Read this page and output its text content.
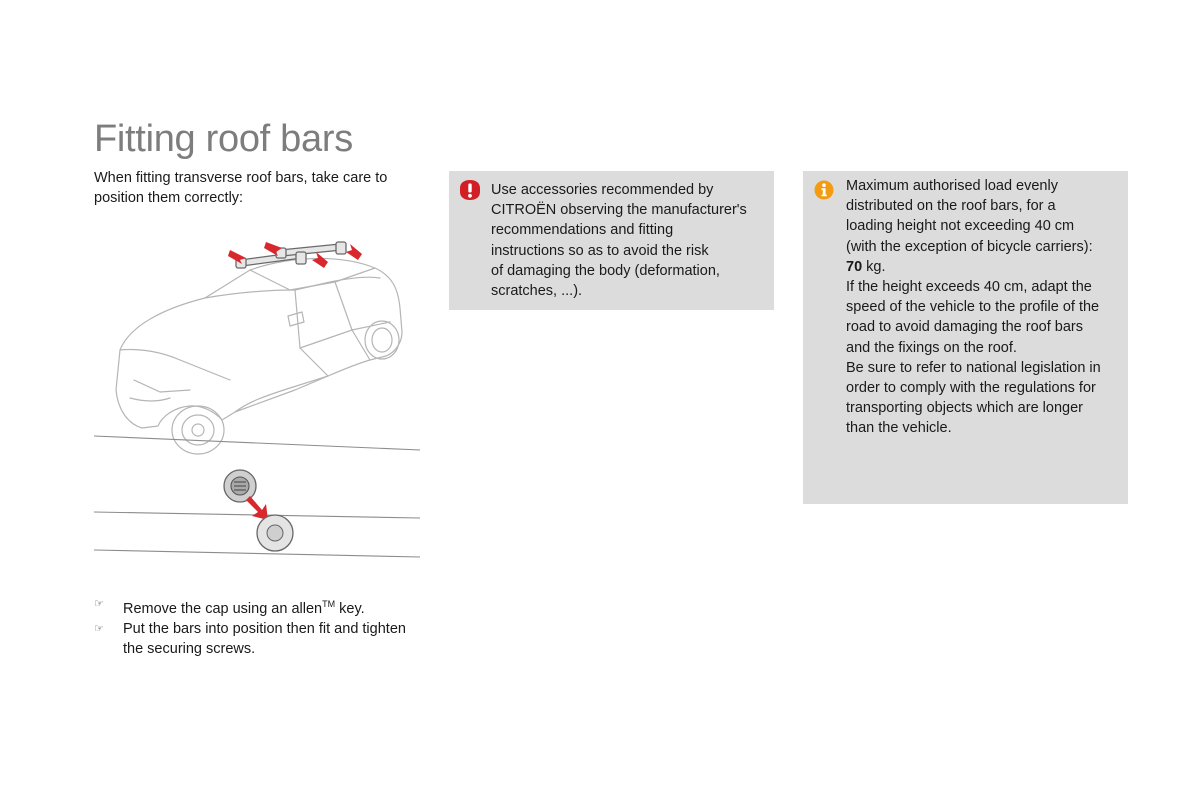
Fitting roof bars

When fitting transverse roof bars, take care to position them correctly:

☞ Remove the cap using an allen™ key.
☞ Put the bars into position then fit and tighten the securing screws.
Use accessories recommended by
CITROËN observing the manufacturer's
recommendations and fitting
instructions so as to avoid the risk
of damaging the body (deformation,
scratches, ...).
Maximum authorised load evenly
distributed on the roof bars, for a
loading height not exceeding 40 cm
(with the exception of bicycle carriers):
70 kg.
If the height exceeds 40 cm, adapt the
speed of the vehicle to the profile of the
road to avoid damaging the roof bars
and the fixings on the roof.
Be sure to refer to national legislation in
order to comply with the regulations for
transporting objects which are longer
than the vehicle.
